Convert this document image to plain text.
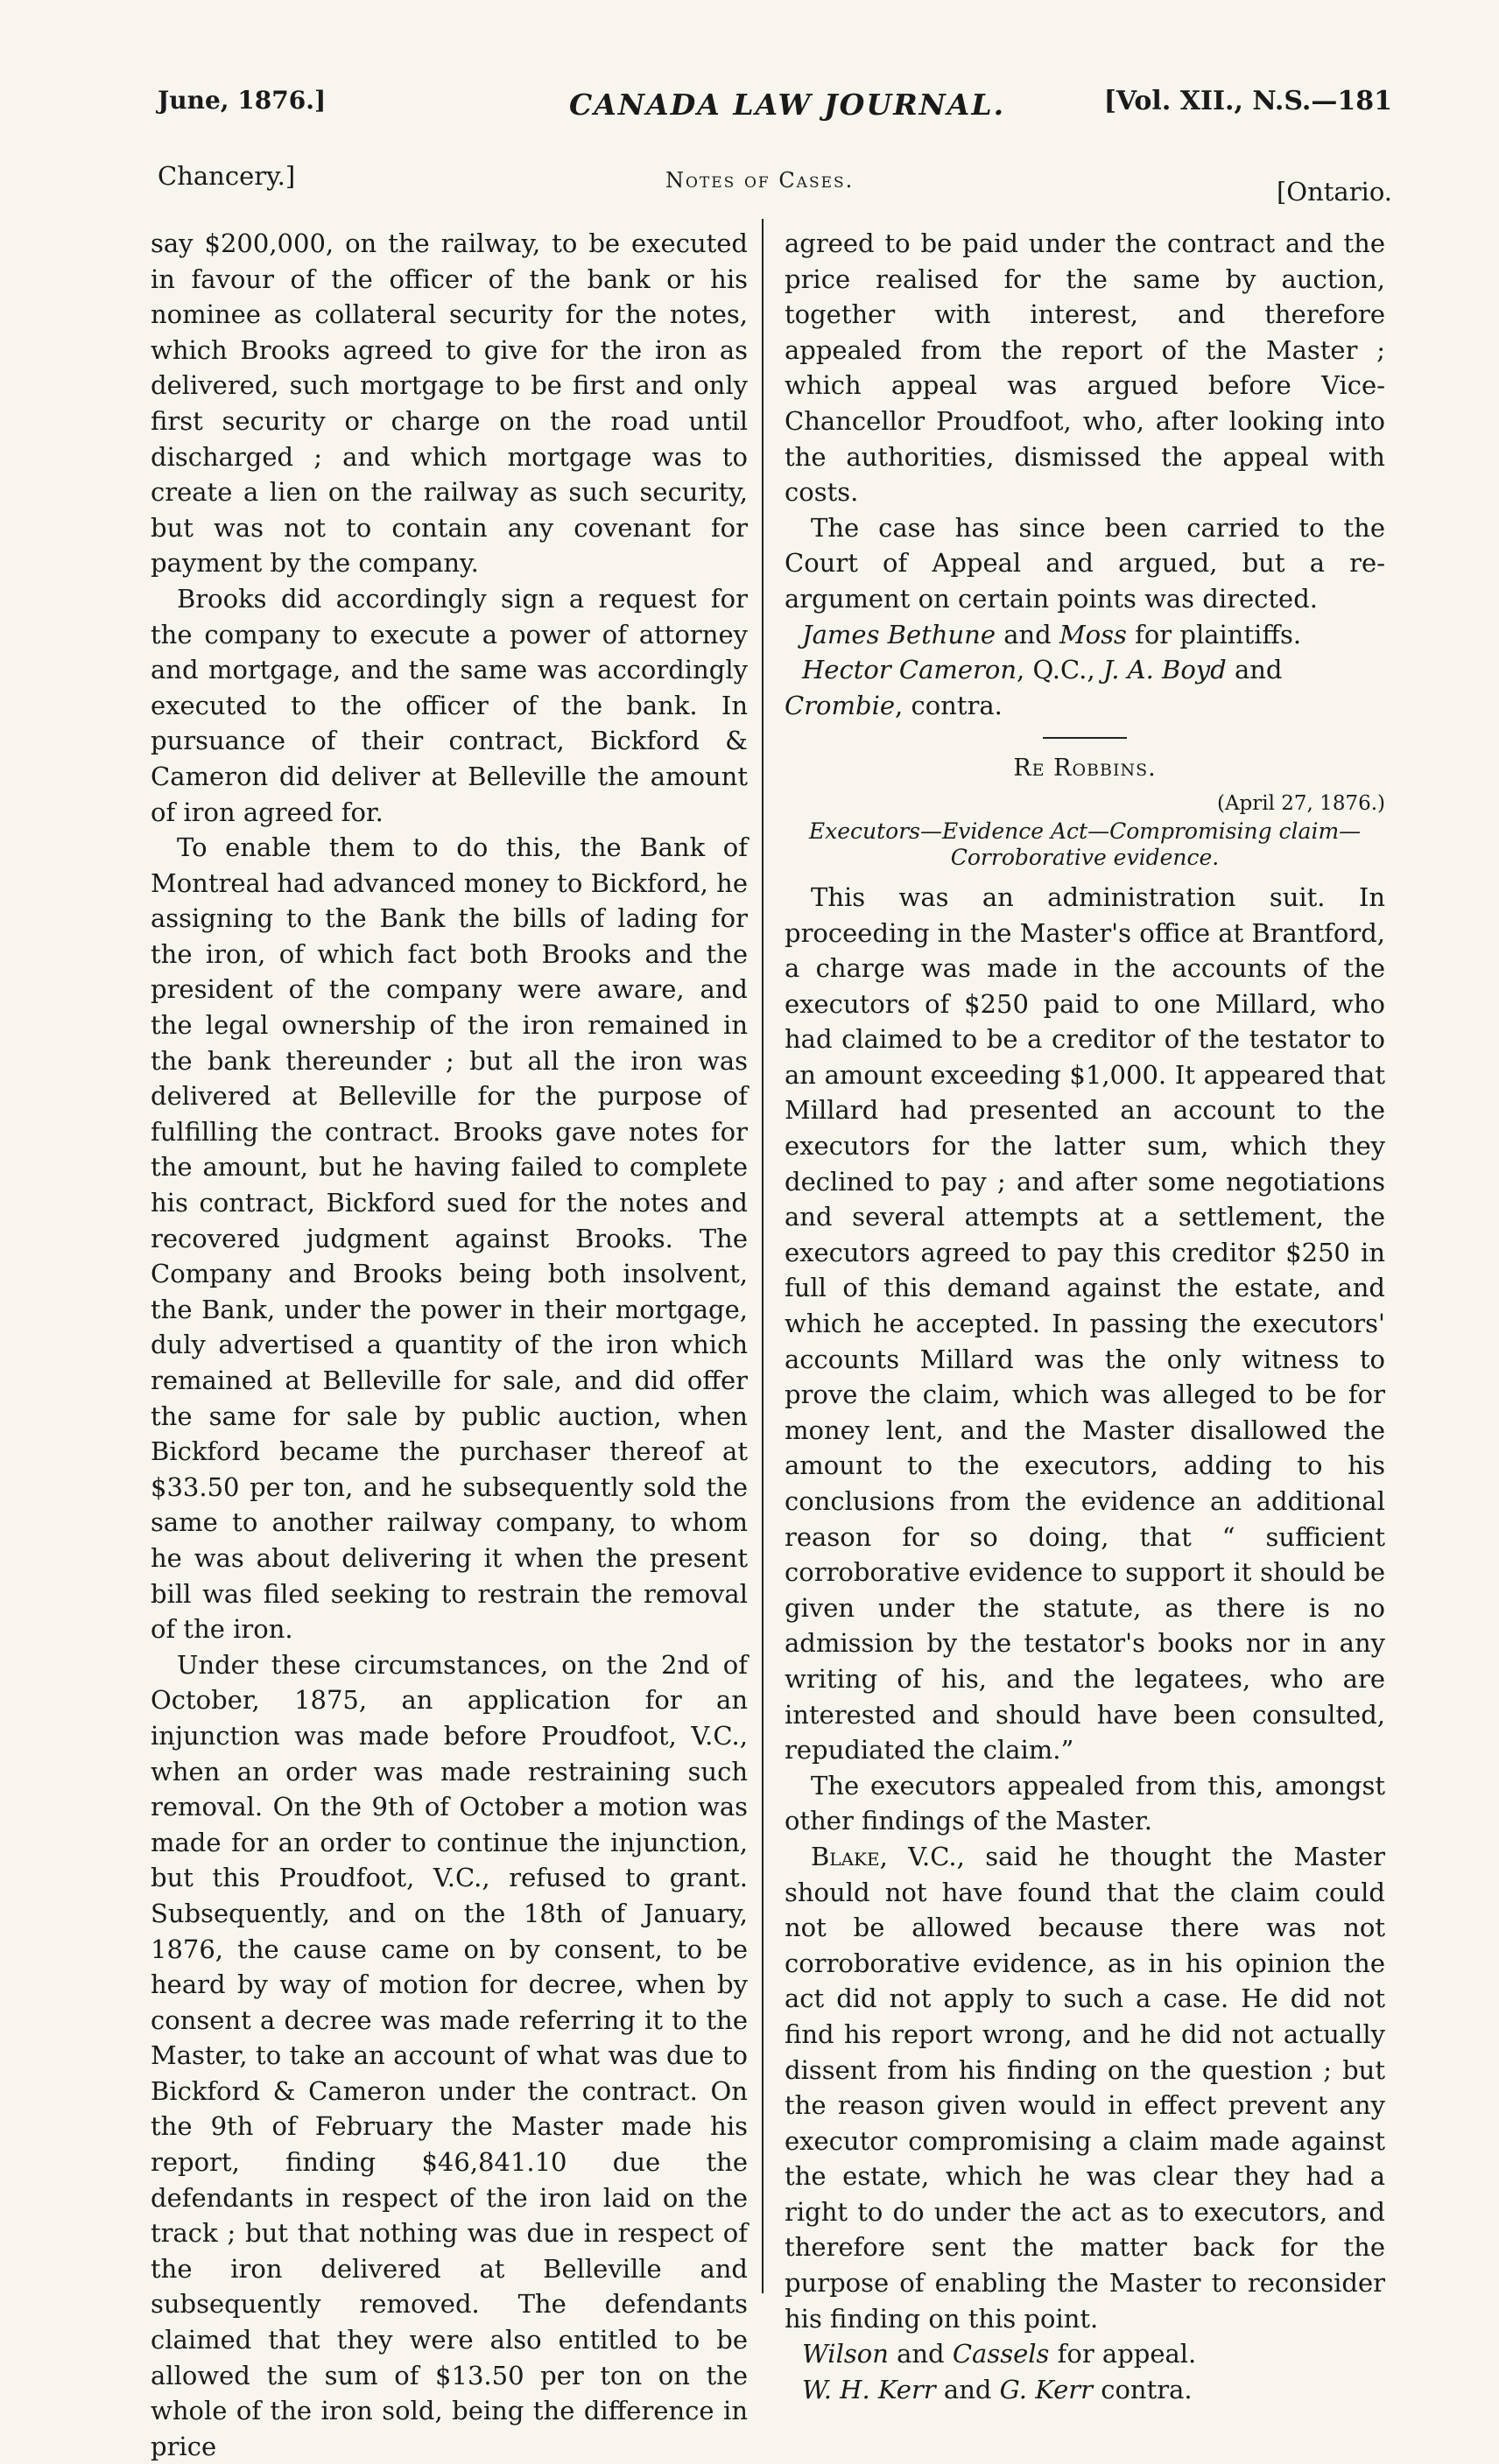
June, 1876.]	CANADA LAW JOURNAL.	[Vol. XII., N.S.—181
Chancery.]	Notes of Cases.	[Ontario.

say $200,000, on the railway, to be executed in favour of the officer of the bank or his nominee as collateral security for the notes, which Brooks agreed to give for the iron as delivered, such mortgage to be first and only first security or charge on the road until discharged ; and which mortgage was to create a lien on the railway as such security, but was not to contain any covenant for payment by the company.

Brooks did accordingly sign a request for the company to execute a power of attorney and mortgage, and the same was accordingly executed to the officer of the bank. In pursuance of their contract, Bickford & Cameron did deliver at Belleville the amount of iron agreed for.

To enable them to do this, the Bank of Montreal had advanced money to Bickford, he assigning to the Bank the bills of lading for the iron, of which fact both Brooks and the president of the company were aware, and the legal ownership of the iron remained in the bank thereunder ; but all the iron was delivered at Belleville for the purpose of fulfilling the contract. Brooks gave notes for the amount, but he having failed to complete his contract, Bickford sued for the notes and recovered judgment against Brooks. The Company and Brooks being both insolvent, the Bank, under the power in their mortgage, duly advertised a quantity of the iron which remained at Belleville for sale, and did offer the same for sale by public auction, when Bickford became the purchaser thereof at $33.50 per ton, and he subsequently sold the same to another railway company, to whom he was about delivering it when the present bill was filed seeking to restrain the removal of the iron.

Under these circumstances, on the 2nd of October, 1875, an application for an injunction was made before Proudfoot, V.C., when an order was made restraining such removal. On the 9th of October a motion was made for an order to continue the injunction, but this Proudfoot, V.C., refused to grant. Subsequently, and on the 18th of January, 1876, the cause came on by consent, to be heard by way of motion for decree, when by consent a decree was made referring it to the Master, to take an account of what was due to Bickford & Cameron under the contract. On the 9th of February the Master made his report, finding $46,841.10 due the defendants in respect of the iron laid on the track ; but that nothing was due in respect of the iron delivered at Belleville and subsequently removed. The defendants claimed that they were also entitled to be allowed the sum of $13.50 per ton on the whole of the iron sold, being the difference in price

agreed to be paid under the contract and the price realised for the same by auction, together with interest, and therefore appealed from the report of the Master ; which appeal was argued before Vice-Chancellor Proudfoot, who, after looking into the authorities, dismissed the appeal with costs.

The case has since been carried to the Court of Appeal and argued, but a re-argument on certain points was directed.

James Bethune and Moss for plaintiffs.

Hector Cameron, Q.C., J. A. Boyd and Crombie, contra.

Re Robbins.
(April 27, 1876.)
Executors—Evidence Act—Compromising claim—Corroborative evidence.

This was an administration suit. In proceeding in the Master's office at Brantford, a charge was made in the accounts of the executors of $250 paid to one Millard, who had claimed to be a creditor of the testator to an amount exceeding $1,000. It appeared that Millard had presented an account to the executors for the latter sum, which they declined to pay ; and after some negotiations and several attempts at a settlement, the executors agreed to pay this creditor $250 in full of this demand against the estate, and which he accepted. In passing the executors' accounts Millard was the only witness to prove the claim, which was alleged to be for money lent, and the Master disallowed the amount to the executors, adding to his conclusions from the evidence an additional reason for so doing, that “ sufficient corroborative evidence to support it should be given under the statute, as there is no admission by the testator's books nor in any writing of his, and the legatees, who are interested and should have been consulted, repudiated the claim.”

The executors appealed from this, amongst other findings of the Master.

Blake, V.C., said he thought the Master should not have found that the claim could not be allowed because there was not corroborative evidence, as in his opinion the act did not apply to such a case. He did not find his report wrong, and he did not actually dissent from his finding on the question ; but the reason given would in effect prevent any executor compromising a claim made against the estate, which he was clear they had a right to do under the act as to executors, and therefore sent the matter back for the purpose of enabling the Master to reconsider his finding on this point.

Wilson and Cassels for appeal.

W. H. Kerr and G. Kerr contra.
